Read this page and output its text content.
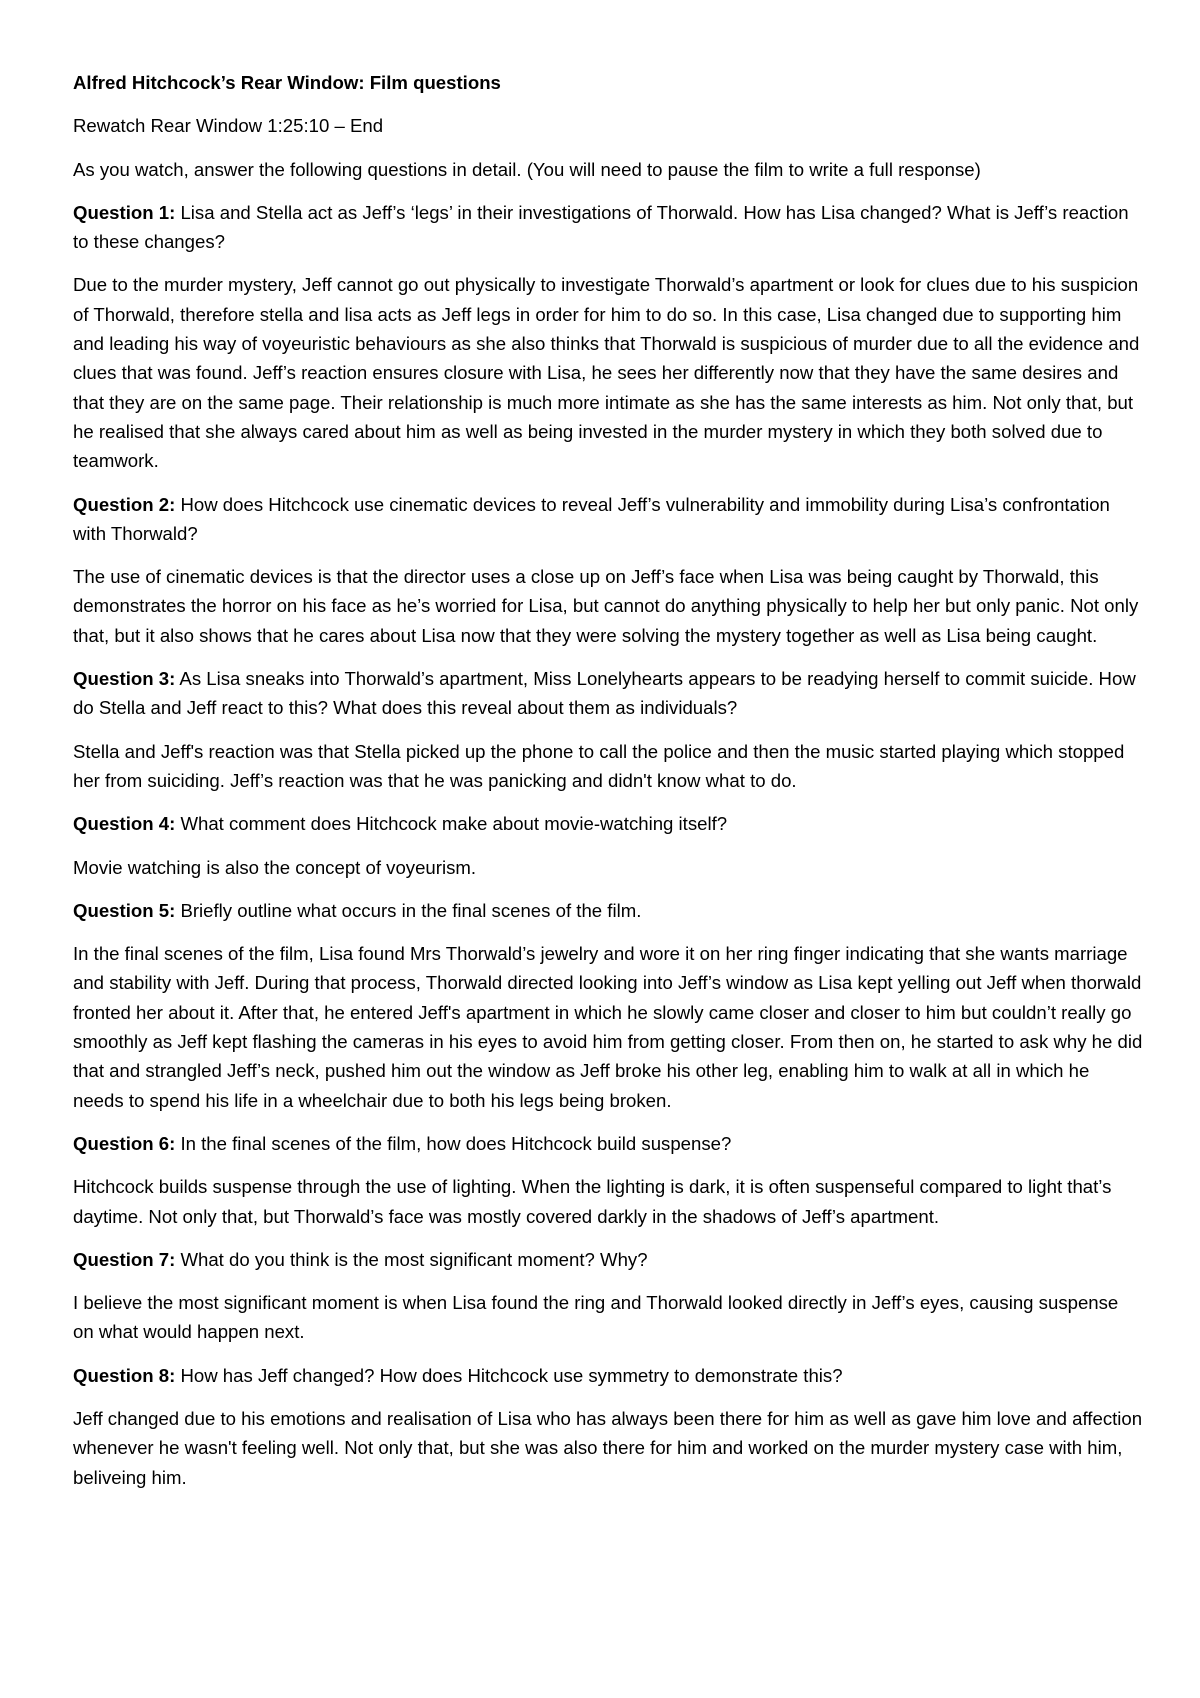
Alfred Hitchcock’s Rear Window: Film questions

Rewatch Rear Window 1:25:10 – End

As you watch, answer the following questions in detail. (You will need to pause the film to write a full response)

Question 1: Lisa and Stella act as Jeff’s ‘legs’ in their investigations of Thorwald. How has Lisa changed? What is Jeff’s reaction to these changes?

Due to the murder mystery, Jeff cannot go out physically to investigate Thorwald’s apartment or look for clues due to his suspicion of Thorwald, therefore stella and lisa acts as Jeff legs in order for him to do so. In this case, Lisa changed due to supporting him and leading his way of voyeuristic behaviours as she also thinks that Thorwald is suspicious of murder due to all the evidence and clues that was found. Jeff’s reaction ensures closure with Lisa, he sees her differently now that they have the same desires and that they are on the same page. Their relationship is much more intimate as she has the same interests as him. Not only that, but he realised that she always cared about him as well as being invested in the murder mystery in which they both solved due to teamwork.

Question 2: How does Hitchcock use cinematic devices to reveal Jeff’s vulnerability and immobility during Lisa’s confrontation with Thorwald?

The use of cinematic devices is that the director uses a close up on Jeff’s face when Lisa was being caught by Thorwald, this demonstrates the horror on his face as he’s worried for Lisa, but cannot do anything physically to help her but only panic. Not only that, but it also shows that he cares about Lisa now that they were solving the mystery together as well as Lisa being caught.

Question 3: As Lisa sneaks into Thorwald’s apartment, Miss Lonelyhearts appears to be readying herself to commit suicide. How do Stella and Jeff react to this? What does this reveal about them as individuals?

Stella and Jeff's reaction was that Stella picked up the phone to call the police and then the music started playing which stopped her from suiciding. Jeff’s reaction was that he was panicking and didn't know what to do.

Question 4: What comment does Hitchcock make about movie-watching itself?

Movie watching is also the concept of voyeurism.

Question 5: Briefly outline what occurs in the final scenes of the film.

In the final scenes of the film, Lisa found Mrs Thorwald’s jewelry and wore it on her ring finger indicating that she wants marriage and stability with Jeff. During that process, Thorwald directed looking into Jeff’s window as Lisa kept yelling out Jeff when thorwald fronted her about it. After that, he entered Jeff's apartment in which he slowly came closer and closer to him but couldn’t really go smoothly as Jeff kept flashing the cameras in his eyes to avoid him from getting closer. From then on, he started to ask why he did that and strangled Jeff’s neck, pushed him out the window as Jeff broke his other leg, enabling him to walk at all in which he needs to spend his life in a wheelchair due to both his legs being broken.

Question 6: In the final scenes of the film, how does Hitchcock build suspense?

Hitchcock builds suspense through the use of lighting. When the lighting is dark, it is often suspenseful compared to light that’s daytime. Not only that, but Thorwald’s face was mostly covered darkly in the shadows of Jeff’s apartment.

Question 7: What do you think is the most significant moment? Why?

I believe the most significant moment is when Lisa found the ring and Thorwald looked directly in Jeff’s eyes, causing suspense on what would happen next.

Question 8: How has Jeff changed? How does Hitchcock use symmetry to demonstrate this?

Jeff changed due to his emotions and realisation of Lisa who has always been there for him as well as gave him love and affection whenever he wasn't feeling well. Not only that, but she was also there for him and worked on the murder mystery case with him, beliveing him.
